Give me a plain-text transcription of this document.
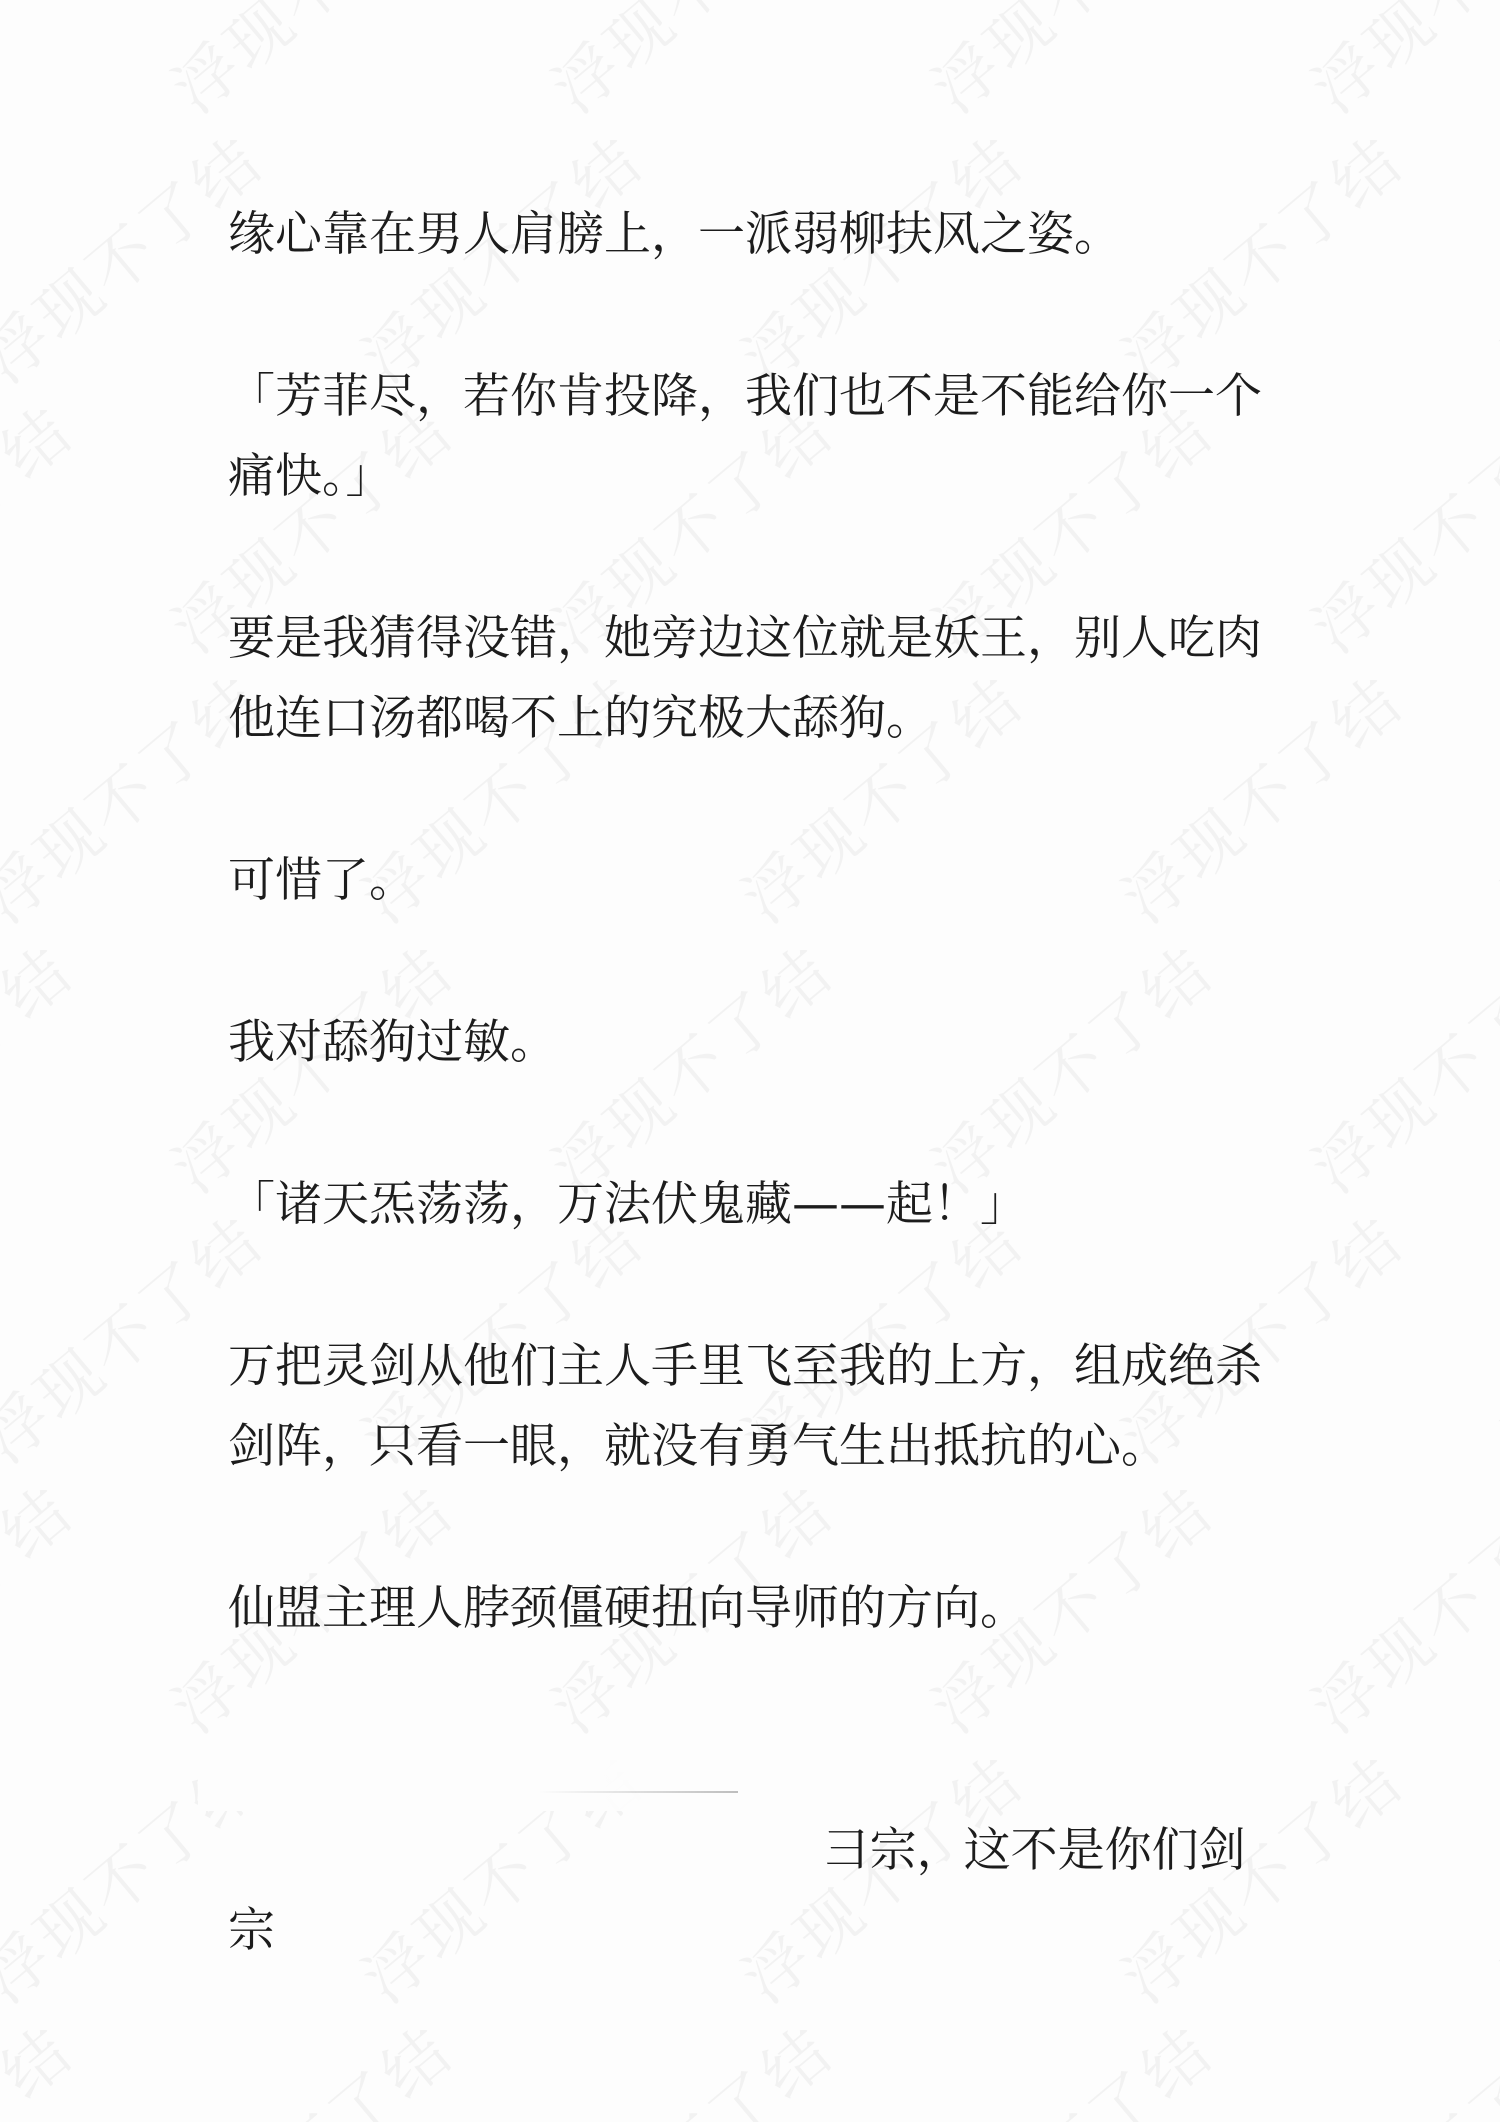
缘心靠在男人肩膀上，一派弱柳扶风之姿。

「芳菲尽，若你肯投降，我们也不是不能给你一个痛快。」

要是我猜得没错，她旁边这位就是妖王，别人吃肉他连口汤都喝不上的究极大舔狗。

可惜了。

我对舔狗过敏。

「诸天炁荡荡，万法伏鬼藏——起！」

万把灵剑从他们主人手里飞至我的上方，组成绝杀剑阵，只看一眼，就没有勇气生出抵抗的心。

仙盟主理人脖颈僵硬扭向导师的方向。

彐宗，这不是你们剑宗
